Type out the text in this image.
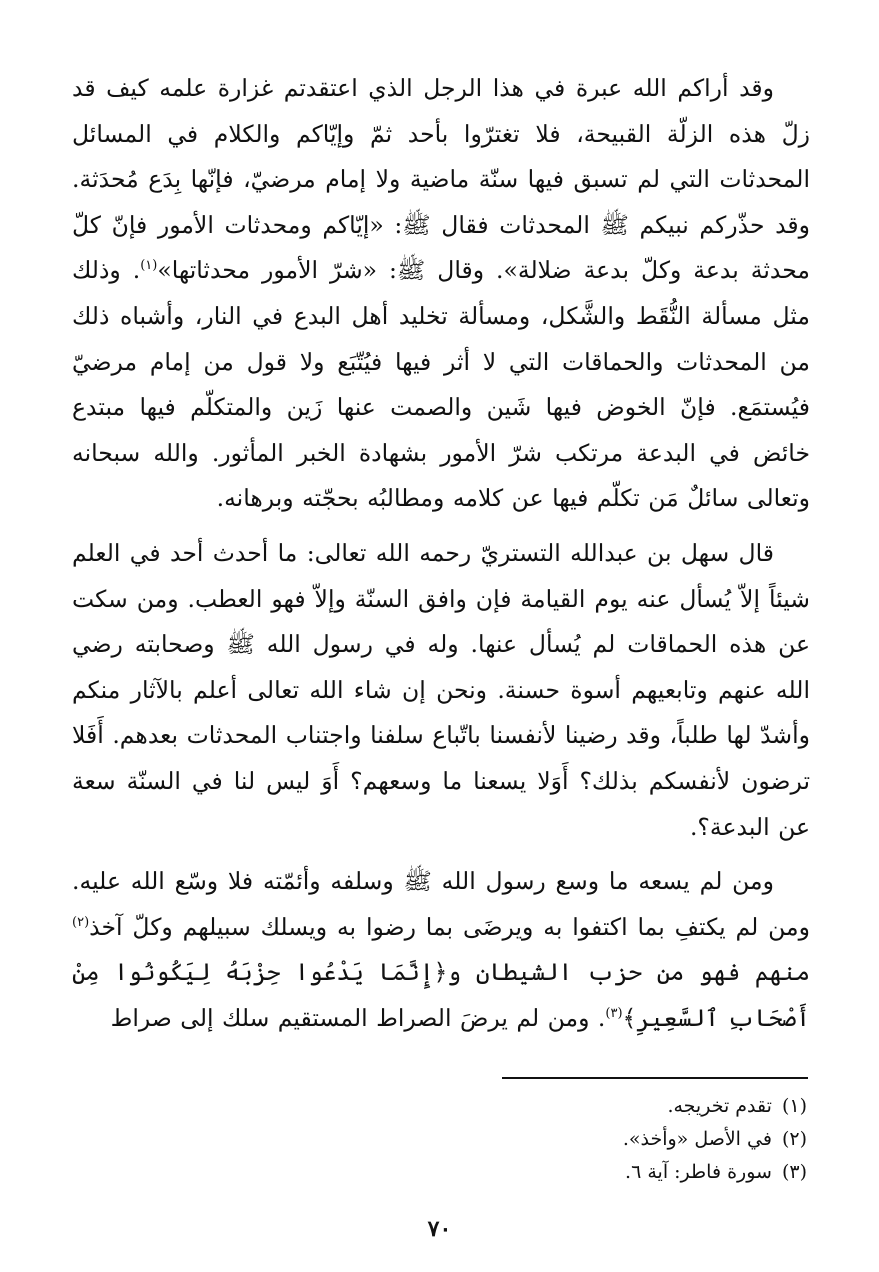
وقد أراكم الله عبرة في هذا الرجل الذي اعتقدتم غزارة علمه كيف قد زلّ هذه الزلّة القبيحة، فلا تغترّوا بأحد ثمّ وإيّاكم والكلام في المسائل المحدثات التي لم تسبق فيها سنّة ماضية ولا إمام مرضيّ، فإنّها بِدَع مُحدَثة. وقد حذّركم نبيكم ﷺ المحدثات فقال ﷺ: «إيّاكم ومحدثات الأمور فإنّ كلّ محدثة بدعة وكلّ بدعة ضلالة». وقال ﷺ: «شرّ الأمور محدثاتها»$^{(١)}$. وذلك مثل مسألة النُّقَط والشَّكل، ومسألة تخليد أهل البدع في النار، وأشباه ذلك من المحدثات والحماقات التي لا أثر فيها فيُتّبَع ولا قول من إمام مرضيّ فيُستمَع. فإنّ الخوض فيها شَين والصمت عنها زَين والمتكلّم فيها مبتدع خائض في البدعة مرتكب شرّ الأمور بشهادة الخبر المأثور. والله سبحانه وتعالى سائلٌ مَن تكلّم فيها عن كلامه ومطالبُه بحجّته وبرهانه.

قال سهل بن عبدالله التستريّ رحمه الله تعالى: ما أحدث أحد في العلم شيئاً إلاّ يُسأل عنه يوم القيامة فإن وافق السنّة وإلاّ فهو العطب. ومن سكت عن هذه الحماقات لم يُسأل عنها. وله في رسول الله ﷺ وصحابته رضي الله عنهم وتابعيهم أسوة حسنة. ونحن إن شاء الله تعالى أعلم بالآثار منكم وأشدّ لها طلباً، وقد رضينا لأنفسنا باتّباع سلفنا واجتناب المحدثات بعدهم. أَفَلا ترضون لأنفسكم بذلك؟ أَوَلا يسعنا ما وسعهم؟ أَوَ ليس لنا في السنّة سعة عن البدعة؟.

ومن لم يسعه ما وسع رسول الله ﷺ وسلفه وأئمّته فلا وسّع الله عليه. ومن لم يكتفِ بما اكتفوا به ويرضَى بما رضوا به ويسلك سبيلهم وكلّ آخذ$^{(٢)}$ منهم فهو من حزب الشيطان و﴿إِنَّمَا يَدْعُوا حِزْبَهُ لِيَكُونُوا مِنْ أَصْحَابِ ٱلسَّعِيرِ﴾$^{(٣)}$. ومن لم يرضَ الصراط المستقيم سلك إلى صراط

(١)تقدم تخريجه.
(٢)في الأصل «وأخذ».
(٣)سورة فاطر: آية ٦.
٧٠
